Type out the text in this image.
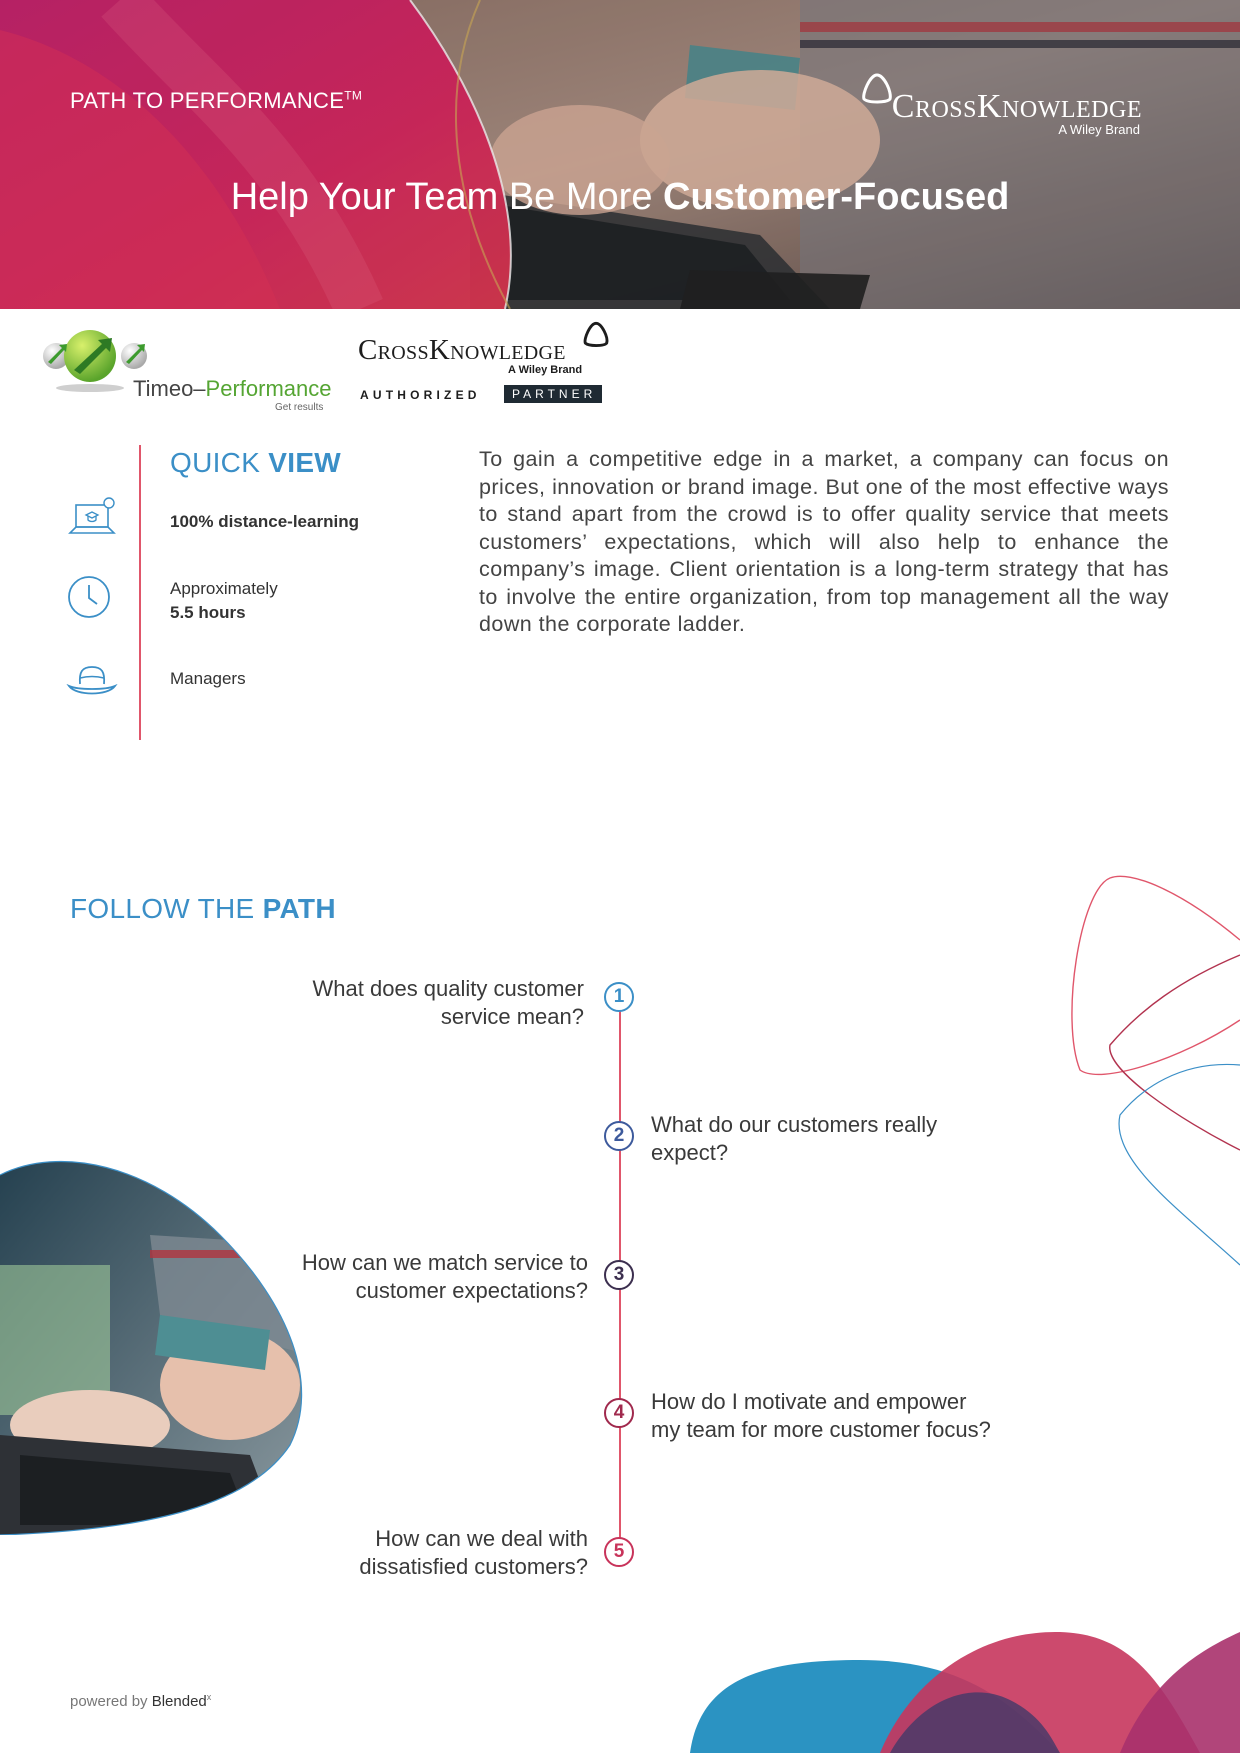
PATH TO PERFORMANCE™	CrossKnowledge
A Wiley Brand
Help Your Team Be More Customer-Focused
Timeo–Performance
Get results
CrossKnowledge
A Wiley Brand
AUTHORIZED	PARTNER
QUICK VIEW
100% distance-learning
Approximately
5.5 hours
Managers
To gain a competitive edge in a market, a company can focus on prices, innovation or brand image. But one of the most effective ways to stand apart from the crowd is to offer quality service that meets customers’ expectations, which will also help to enhance the company’s image. Client orientation is a long-term strategy that has to involve the entire organization, from top management all the way down the corporate ladder.
FOLLOW THE PATH
What does quality customer
service mean?
1
2	What do our customers really
expect?
How can we match service to
customer expectations?
3
4	How do I motivate and empower
my team for more customer focus?
How can we deal with
dissatisfied customers?
5
powered by Blended$^x$
